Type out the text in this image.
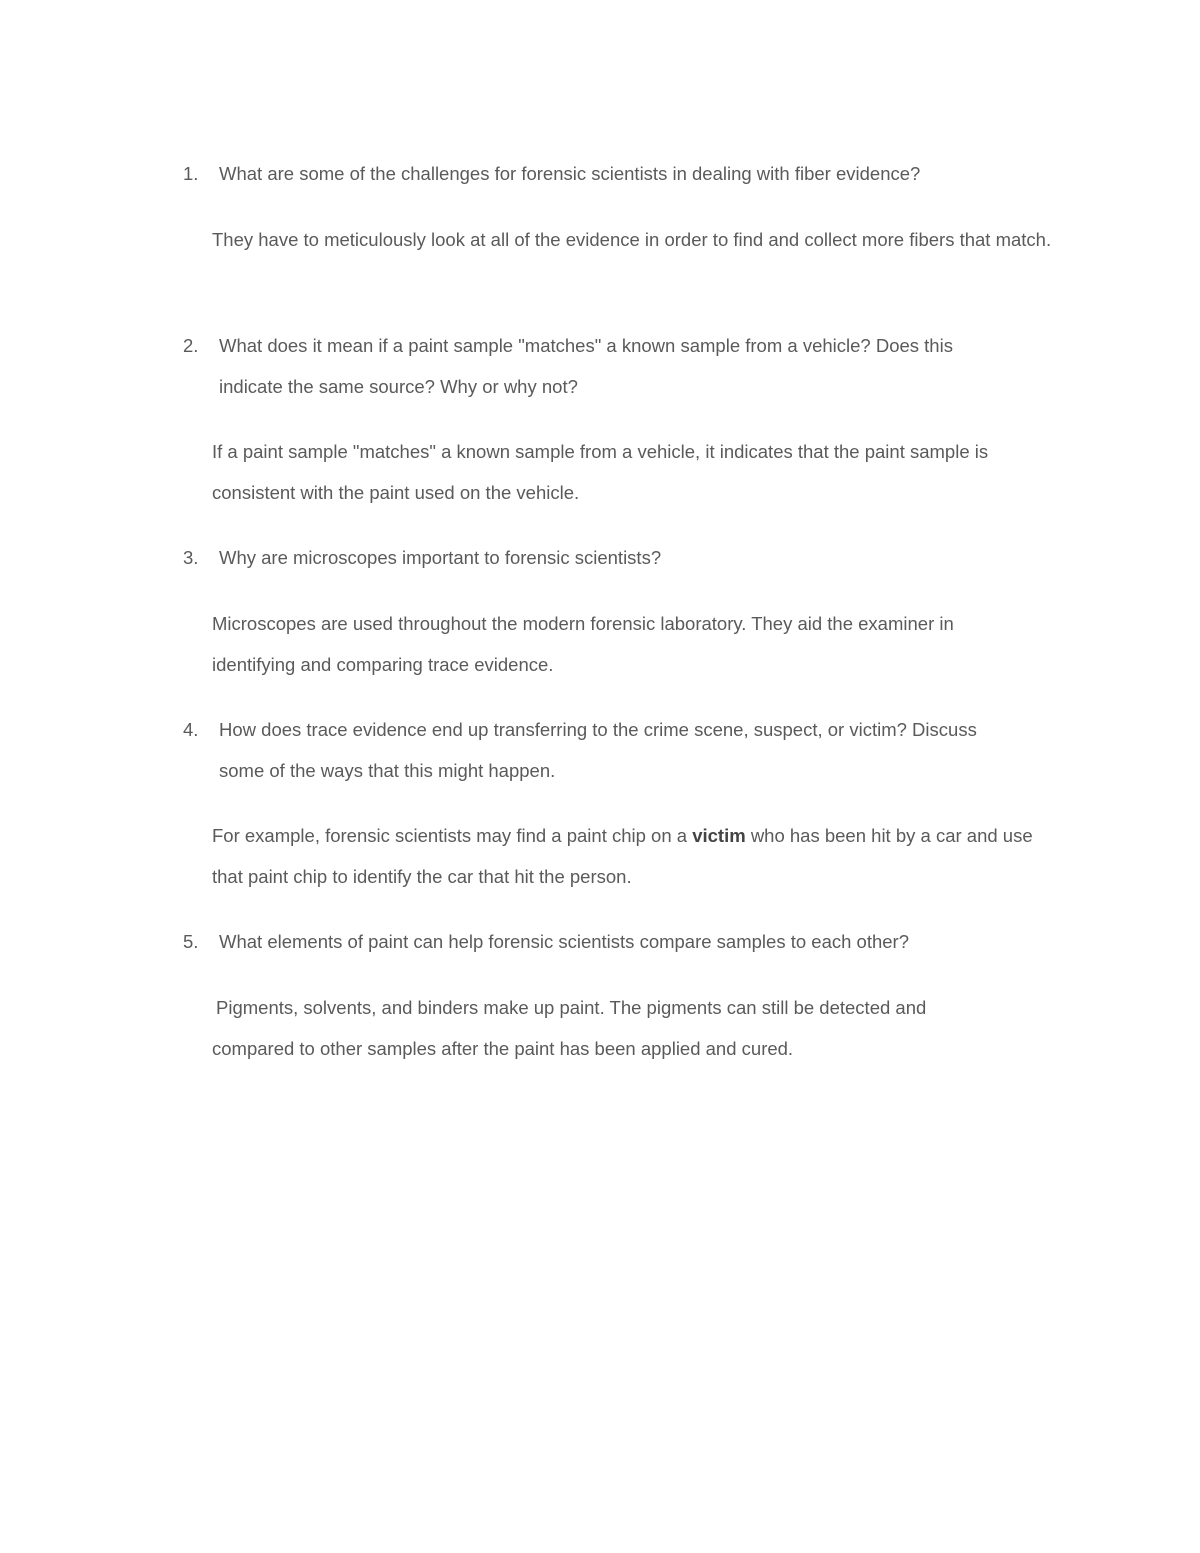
1. What are some of the challenges for forensic scientists in dealing with fiber evidence?

They have to meticulously look at all of the evidence in order to find and collect more fibers that match.

2. What does it mean if a paint sample "matches" a known sample from a vehicle? Does this indicate the same source? Why or why not?

If a paint sample "matches" a known sample from a vehicle, it indicates that the paint sample is consistent with the paint used on the vehicle.

3. Why are microscopes important to forensic scientists?

Microscopes are used throughout the modern forensic laboratory. They aid the examiner in identifying and comparing trace evidence.

4. How does trace evidence end up transferring to the crime scene, suspect, or victim? Discuss some of the ways that this might happen.

For example, forensic scientists may find a paint chip on a victim who has been hit by a car and use that paint chip to identify the car that hit the person.

5. What elements of paint can help forensic scientists compare samples to each other?

Pigments, solvents, and binders make up paint. The pigments can still be detected and compared to other samples after the paint has been applied and cured.
